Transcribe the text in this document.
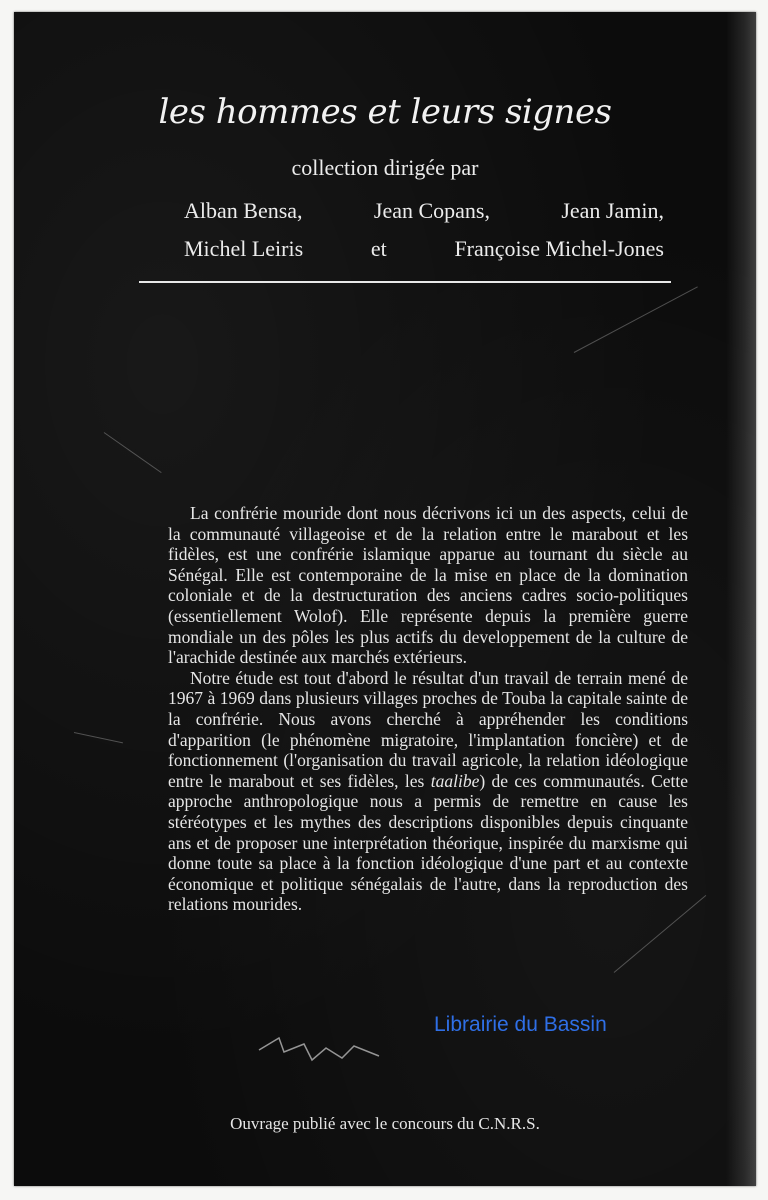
les hommes et leurs signes
collection dirigée par
Alban Bensa,	Jean Copans,	Jean Jamin,
Michel Leiris	et	Françoise Michel-Jones

La confrérie mouride dont nous décrivons ici un des aspects, celui de la communauté villageoise et de la relation entre le marabout et les fidèles, est une confrérie islamique apparue au tournant du siècle au Sénégal. Elle est contemporaine de la mise en place de la domination coloniale et de la destructuration des anciens cadres socio-politiques (essentiellement Wolof). Elle représente depuis la première guerre mondiale un des pôles les plus actifs du developpement de la culture de l'arachide destinée aux marchés extérieurs.

Notre étude est tout d'abord le résultat d'un travail de terrain mené de 1967 à 1969 dans plusieurs villages proches de Touba la capitale sainte de la confrérie. Nous avons cherché à appréhender les conditions d'apparition (le phénomène migratoire, l'implantation foncière) et de fonctionnement (l'organisation du travail agricole, la relation idéologique entre le marabout et ses fidèles, les taalibe) de ces communautés. Cette approche anthropologique nous a permis de remettre en cause les stéréotypes et les mythes des descriptions disponibles depuis cinquante ans et de proposer une interprétation théorique, inspirée du marxisme qui donne toute sa place à la fonction idéologique d'une part et au contexte économique et politique sénégalais de l'autre, dans la reproduction des relations mourides.

Librairie du Bassin
Ouvrage publié avec le concours du C.N.R.S.
